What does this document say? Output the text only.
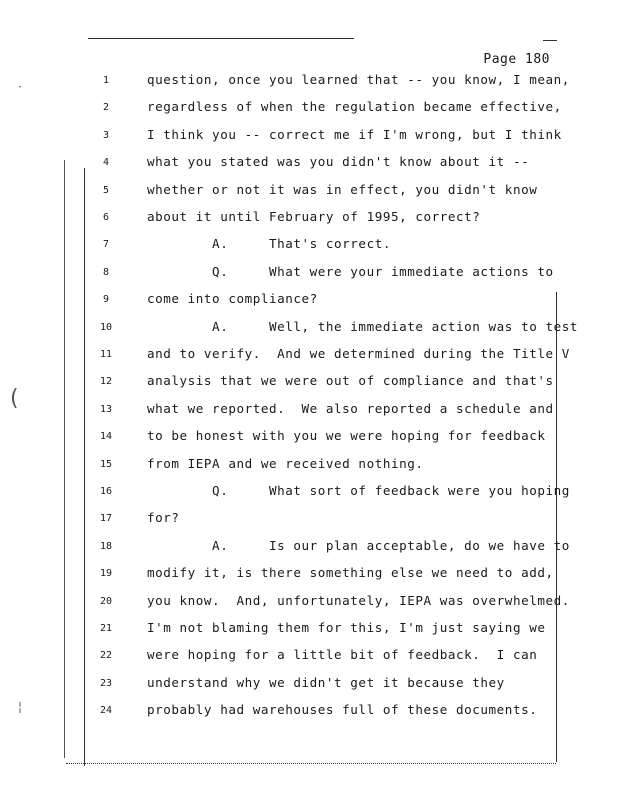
Page 180
·
(
¦
1	question, once you learned that -- you know, I mean,
2	regardless of when the regulation became effective,
3	I think you -- correct me if I'm wrong, but I think
4	what you stated was you didn't know about it --
5	whether or not it was in effect, you didn't know
6	about it until February of 1995, correct?
7	A.     That's correct.
8	Q.     What were your immediate actions to
9	come into compliance?
10	A.     Well, the immediate action was to test
11	and to verify.  And we determined during the Title V
12	analysis that we were out of compliance and that's
13	what we reported.  We also reported a schedule and
14	to be honest with you we were hoping for feedback
15	from IEPA and we received nothing.
16	Q.     What sort of feedback were you hoping
17	for?
18	A.     Is our plan acceptable, do we have to
19	modify it, is there something else we need to add,
20	you know.  And, unfortunately, IEPA was overwhelmed.
21	I'm not blaming them for this, I'm just saying we
22	were hoping for a little bit of feedback.  I can
23	understand why we didn't get it because they
24	probably had warehouses full of these documents.
